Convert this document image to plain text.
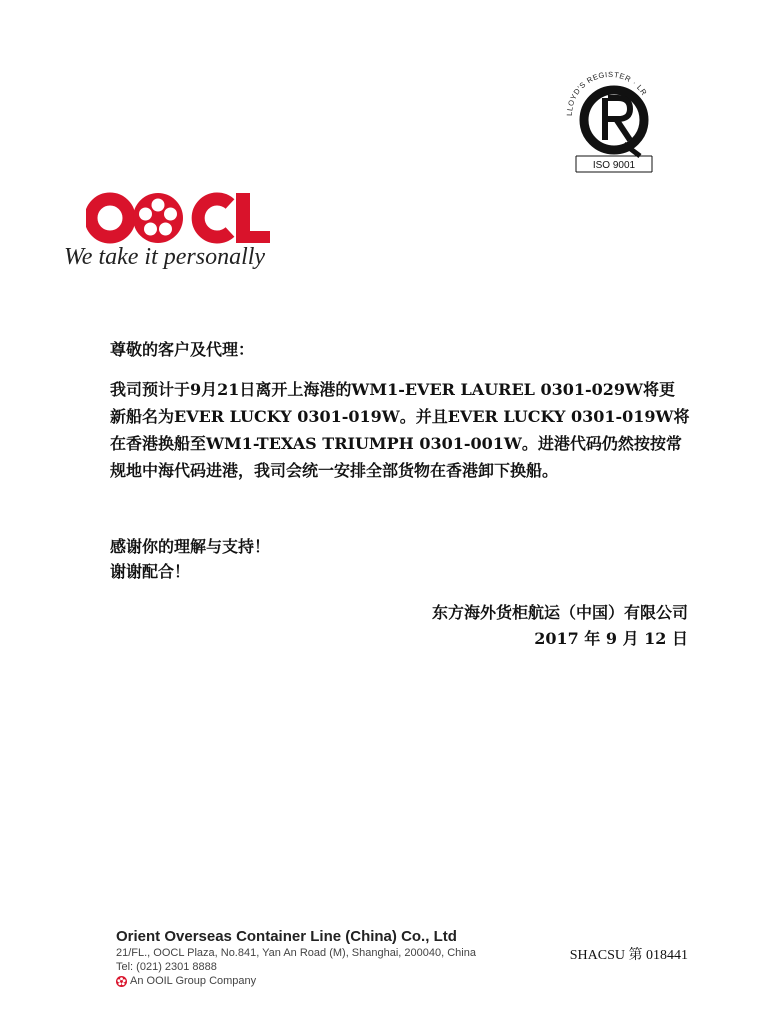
LLOYD'S REGISTER · LR
ISO 9001
We take it personally
尊敬的客户及代理：
我司预计于9月21日离开上海港的WM1-EVER LAUREL 0301-029W将更
新船名为EVER LUCKY 0301-019W。并且EVER LUCKY 0301-019W将
在香港换船至WM1-TEXAS TRIUMPH 0301-001W。进港代码仍然按按常
规地中海代码进港，我司会统一安排全部货物在香港卸下换船。
感谢你的理解与支持！
谢谢配合！
东方海外货柜航运（中国）有限公司
2017 年 9 月 12 日
Orient Overseas Container Line (China) Co., Ltd
21/FL., OOCL Plaza, No.841, Yan An Road (M), Shanghai, 200040, China
Tel: (021) 2301 8888
An OOIL Group Company
SHACSU 第 018441
